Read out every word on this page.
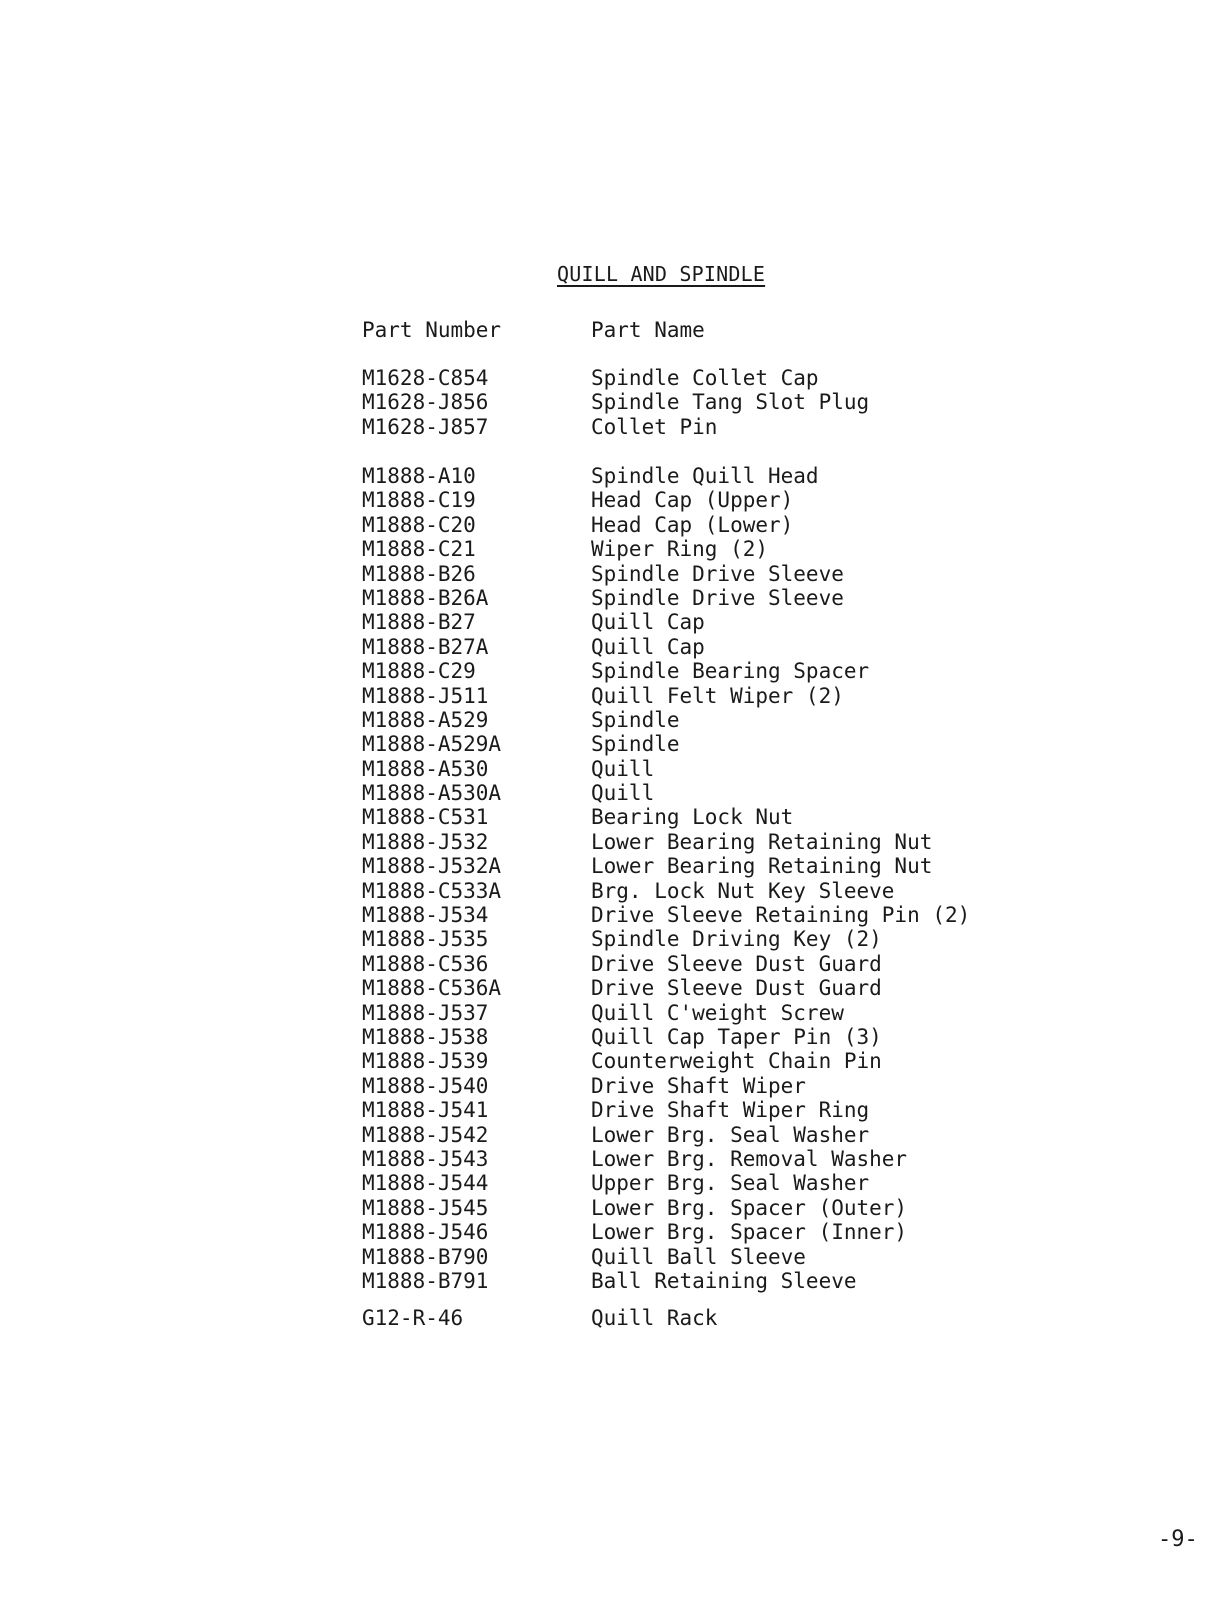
QUILL AND SPINDLE
Part Number	Part Name
M1628-C854	Spindle Collet Cap
M1628-J856	Spindle Tang Slot Plug
M1628-J857	Collet Pin
M1888-A10	Spindle Quill Head
M1888-C19	Head Cap (Upper)
M1888-C20	Head Cap (Lower)
M1888-C21	Wiper Ring (2)
M1888-B26	Spindle Drive Sleeve
M1888-B26A	Spindle Drive Sleeve
M1888-B27	Quill Cap
M1888-B27A	Quill Cap
M1888-C29	Spindle Bearing Spacer
M1888-J511	Quill Felt Wiper (2)
M1888-A529	Spindle
M1888-A529A	Spindle
M1888-A530	Quill
M1888-A530A	Quill
M1888-C531	Bearing Lock Nut
M1888-J532	Lower Bearing Retaining Nut
M1888-J532A	Lower Bearing Retaining Nut
M1888-C533A	Brg. Lock Nut Key Sleeve
M1888-J534	Drive Sleeve Retaining Pin (2)
M1888-J535	Spindle Driving Key (2)
M1888-C536	Drive Sleeve Dust Guard
M1888-C536A	Drive Sleeve Dust Guard
M1888-J537	Quill C'weight Screw
M1888-J538	Quill Cap Taper Pin (3)
M1888-J539	Counterweight Chain Pin
M1888-J540	Drive Shaft Wiper
M1888-J541	Drive Shaft Wiper Ring
M1888-J542	Lower Brg. Seal Washer
M1888-J543	Lower Brg. Removal Washer
M1888-J544	Upper Brg. Seal Washer
M1888-J545	Lower Brg. Spacer (Outer)
M1888-J546	Lower Brg. Spacer (Inner)
M1888-B790	Quill Ball Sleeve
M1888-B791	Ball Retaining Sleeve
G12-R-46	Quill Rack
-9-
